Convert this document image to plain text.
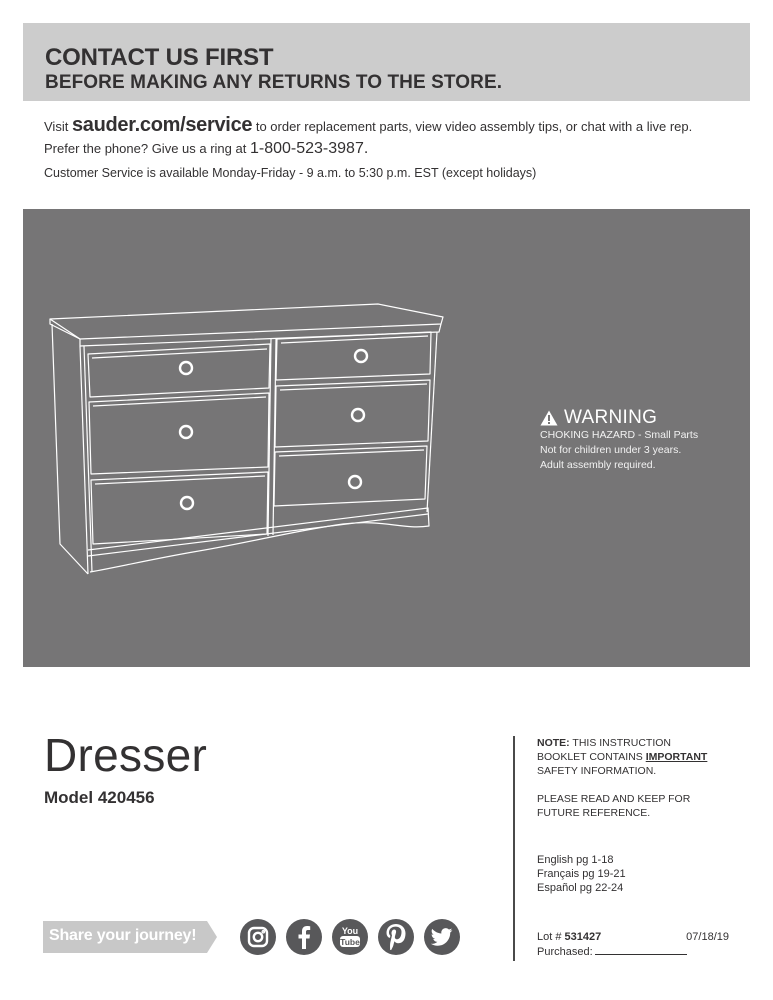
CONTACT US FIRST
BEFORE MAKING ANY RETURNS TO THE STORE.
Visit sauder.com/service to order replacement parts, view video assembly tips, or chat with a live rep.
Prefer the phone? Give us a ring at 1-800-523-3987.
Customer Service is available Monday-Friday - 9 a.m. to 5:30 p.m. EST (except holidays)
WARNING
CHOKING HAZARD - Small Parts
Not for children under 3 years.
Adult assembly required.
Dresser
Model 420456
NOTE: THIS INSTRUCTION
BOOKLET CONTAINS IMPORTANT
SAFETY INFORMATION.
PLEASE READ AND KEEP FOR
FUTURE REFERENCE.
English pg 1-18
Français pg 19-21
Español pg 22-24
Lot # 531427	07/18/19
Purchased:
Share your journey!	You
Tube
